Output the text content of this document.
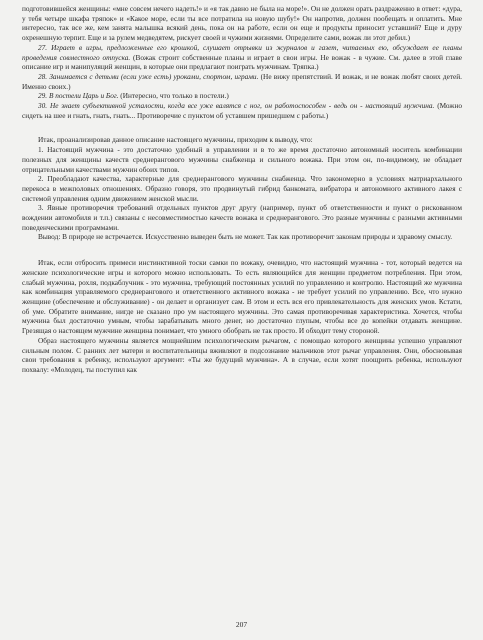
подготовившейся женщины: «мне совсем нечего надеть!» и «я так давно не была на море!». Он не должен орать раздраженно в ответ: «дура, у тебя четыре шкафа тряпок» и «Какое море, если ты все потратила на новую шубу!» Он напротив, должен пообещать и оплатить. Мне интересно, так все же, кем занята малышка всякий день, пока он на работе, если он еще и продукты приносит уставший? Еще и дуру охренешную терпит. Еще и за рулем медведятем, рискует своей и чужими жизнями. Определите сами, вожак ли этот дебил.)

27. Играет в игры, предложенные его крошкой, слушает отрывки из журналов и газет, читаемых ею, обсуждает ее планы проведения совместного отпуска. (Вожак строит собственные планы и играет в свои игры. Не вожак - в чужие. См. далее в этой главе описание игр и манипуляций женщин, в которые они предлагают поиграть мужчинам. Тряпка.)

28. Занимается с детьми (если уже есть) уроками, спортом, играми. (Не вижу препятствий. И вожак, и не вожак любят своих детей. Именно своих.)

29. В постели Царь и Бог. (Интересно, что только в постели.)

30. Не знает субъективной усталости, когда все уже валятся с ног, он работоспособен - ведь он - настоящий мужчина. (Можно сидеть на шее и гнать, гнать, гнать... Противоречие с пунктом об уставшем пришедшем с работы.)

Итак, проанализировав данное описание настоящего мужчины, приходим к выводу, что:

1. Настоящий мужчина - это достаточно удобный в управлении и в то же время достаточно автономный носитель комбинации полезных для женщины качеств среднерангового мужчины снабженца и сильного вожака. При этом он, по-видимому, не обладает отрицательными качествами мужчин обоих типов.

2. Преобладают качества, характерные для среднерангового мужчины снабженца. Что закономерно в условиях матриархального перекоса в межполовых отношениях. Образно говоря, это продвинутый гибрид банкомата, вибратора и автономного активного лакея с системой управления одним движением женской мысли.

3. Явные противоречия требований отдельных пунктов друг другу (например, пункт об ответственности и пункт о рискованном вождении автомобиля и т.п.) связаны с несовместимостью качеств вожака и среднерангового. Это разные мужчины с разными активными поведенческими программами.

Вывод: В природе не встречается. Искусственно выведен быть не может. Так как противоречит законам природы и здравому смыслу.

Итак, если отбросить примеси инстинктивной тоски самки по вожаку, очевидно, что настоящий мужчина - тот, который ведется на женские психологические игры и которого можно использовать. То есть являющийся для женщин предметом потребления. При этом, слабый мужчина, рохля, подкаблучник - это мужчина, требующий постоянных усилий по управлению и контролю. Настоящий же мужчина как комбинация управляемого среднерангового и ответственного активного вожака - не требует усилий по управлению. Все, что нужно женщине (обеспечение и обслуживание) - он делает и организует сам. В этом и есть вся его привлекательность для женских умов. Кстати, об уме. Обратите внимание, нигде не сказано про ум настоящего мужчины. Это самая противоречивая характеристика. Хочется, чтобы мужчина был достаточно умным, чтобы зарабатывать много денег, но достаточно глупым, чтобы все до копейки отдавать женщине. Грезящая о настоящем мужчине женщина понимает, что умного обобрать не так просто. И обходит тему стороной.

Образ настоящего мужчины является мощнейшим психологическим рычагом, с помощью которого женщины успешно управляют сильным полом. С ранних лет матери и воспитательницы вживляют в подсознание мальчиков этот рычаг управления. Они, обосновывая свои требования к ребенку, используют аргумент: «Ты же будущий мужчина». А в случае, если хотят поощрить ребенка, используют похвалу: «Молодец, ты поступил как

207
